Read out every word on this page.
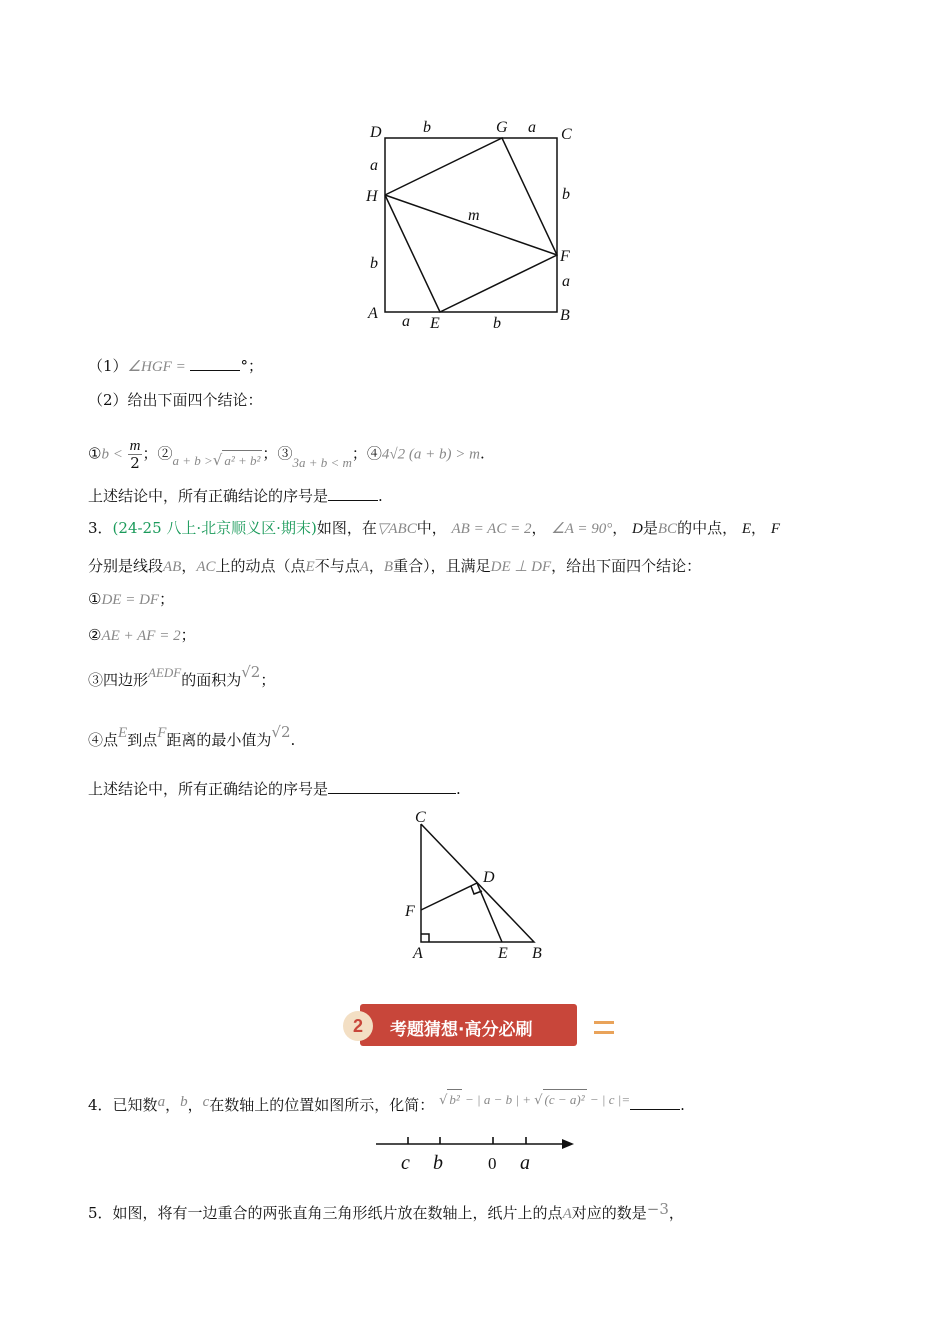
D	C
G
H
F
A	B
E
m
b	a
a
b
b
a
a	b
（1）∠HGF =	°；
（2）给出下面四个结论：
①b < $\frac{m}{2}$ ；②a + b >√ a² + b² ；③3a + b < m；④4√2 (a + b) > m.
上述结论中，所有正确结论的序号是	.
3．(24-25 八上·北京顺义区·期末)如图，在▽ABC中， AB = AC = 2， ∠A = 90°， D是BC的中点， E， F
分别是线段AB，AC上的动点（点E不与点A，B重合），且满足DE ⊥ DF，给出下面四个结论：
①DE = DF；
②AE + AF = 2；
③四边形AEDF的面积为√2；
④点E到点F距离的最小值为√2.
上述结论中，所有正确结论的序号是	.
C
D
F
A	E B
2	考题猜想·高分必刷
4．已知数a，b，c在数轴上的位置如图所示，化简： √ b² − | a − b | + √ (c − a)² − | c |=	.
c b	0 a
5．如图，将有一边重合的两张直角三角形纸片放在数轴上，纸片上的点A对应的数是−3，
